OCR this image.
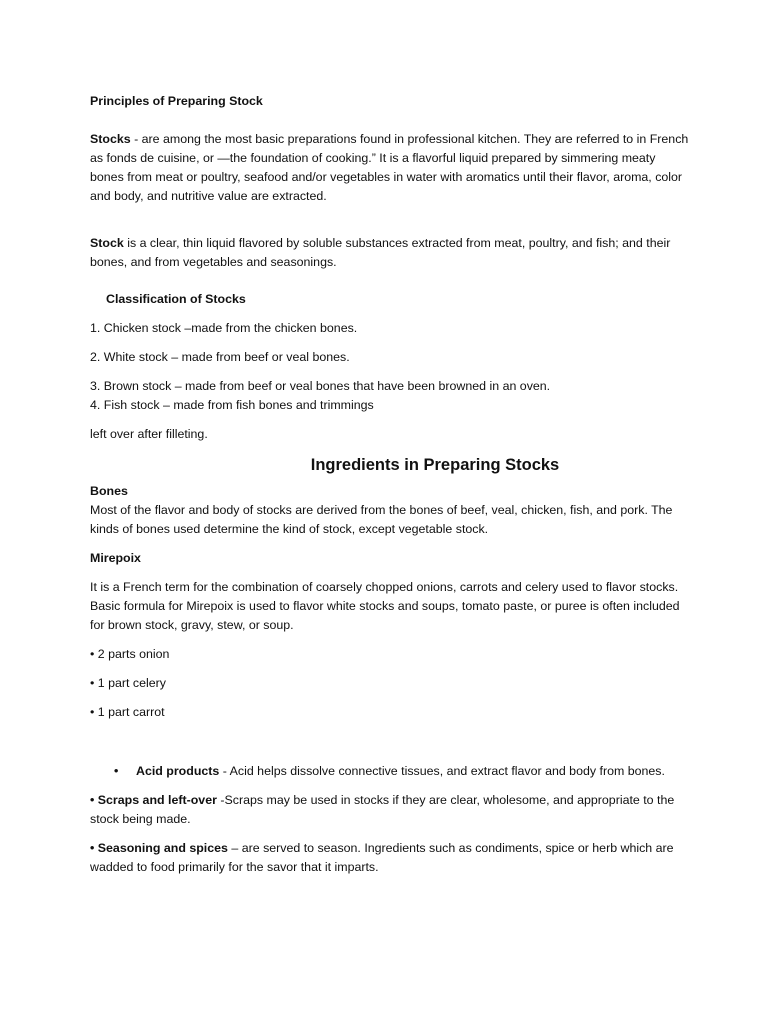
Principles of Preparing Stock

Stocks - are among the most basic preparations found in professional kitchen. They are referred to in French as fonds de cuisine, or —the foundation of cooking.” It is a flavorful liquid prepared by simmering meaty bones from meat or poultry, seafood and/or vegetables in water with aromatics until their flavor, aroma, color and body, and nutritive value are extracted.

Stock is a clear, thin liquid flavored by soluble substances extracted from meat, poultry, and fish; and their bones, and from vegetables and seasonings.

Classification of Stocks

1. Chicken stock –made from the chicken bones.

2. White stock – made from beef or veal bones.

3. Brown stock – made from beef or veal bones that have been browned in an oven.

4. Fish stock – made from fish bones and trimmings

left over after filleting.

Ingredients in Preparing Stocks

Bones

Most of the flavor and body of stocks are derived from the bones of beef, veal, chicken, fish, and pork. The kinds of bones used determine the kind of stock, except vegetable stock.

Mirepoix

It is a French term for the combination of coarsely chopped onions, carrots and celery used to flavor stocks. Basic formula for Mirepoix is used to flavor white stocks and soups, tomato paste, or puree is often included for brown stock, gravy, stew, or soup.

• 2 parts onion

• 1 part celery

• 1 part carrot

•	Acid products - Acid helps dissolve connective tissues, and extract flavor and body from bones.

• Scraps and left-over -Scraps may be used in stocks if they are clear, wholesome, and appropriate to the stock being made.

• Seasoning and spices – are served to season. Ingredients such as condiments, spice or herb which are wadded to food primarily for the savor that it imparts.
